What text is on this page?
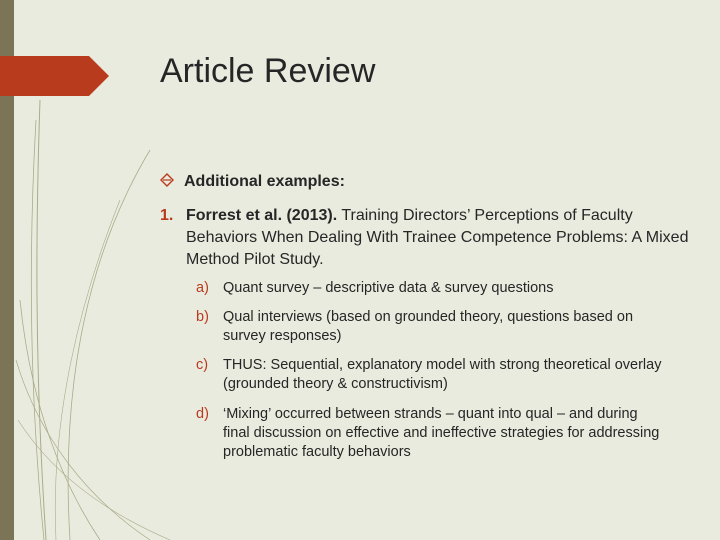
Article Review
Additional examples:
1. Forrest et al. (2013). Training Directors’ Perceptions of Faculty Behaviors When Dealing With Trainee Competence Problems: A Mixed Method Pilot Study.
a) Quant survey – descriptive data & survey questions
b) Qual interviews (based on grounded theory, questions based on survey responses)
c) THUS: Sequential, explanatory model with strong theoretical overlay (grounded theory & constructivism)
d) ‘Mixing’ occurred between strands – quant into qual – and during final discussion on effective and ineffective strategies for addressing problematic faculty behaviors
